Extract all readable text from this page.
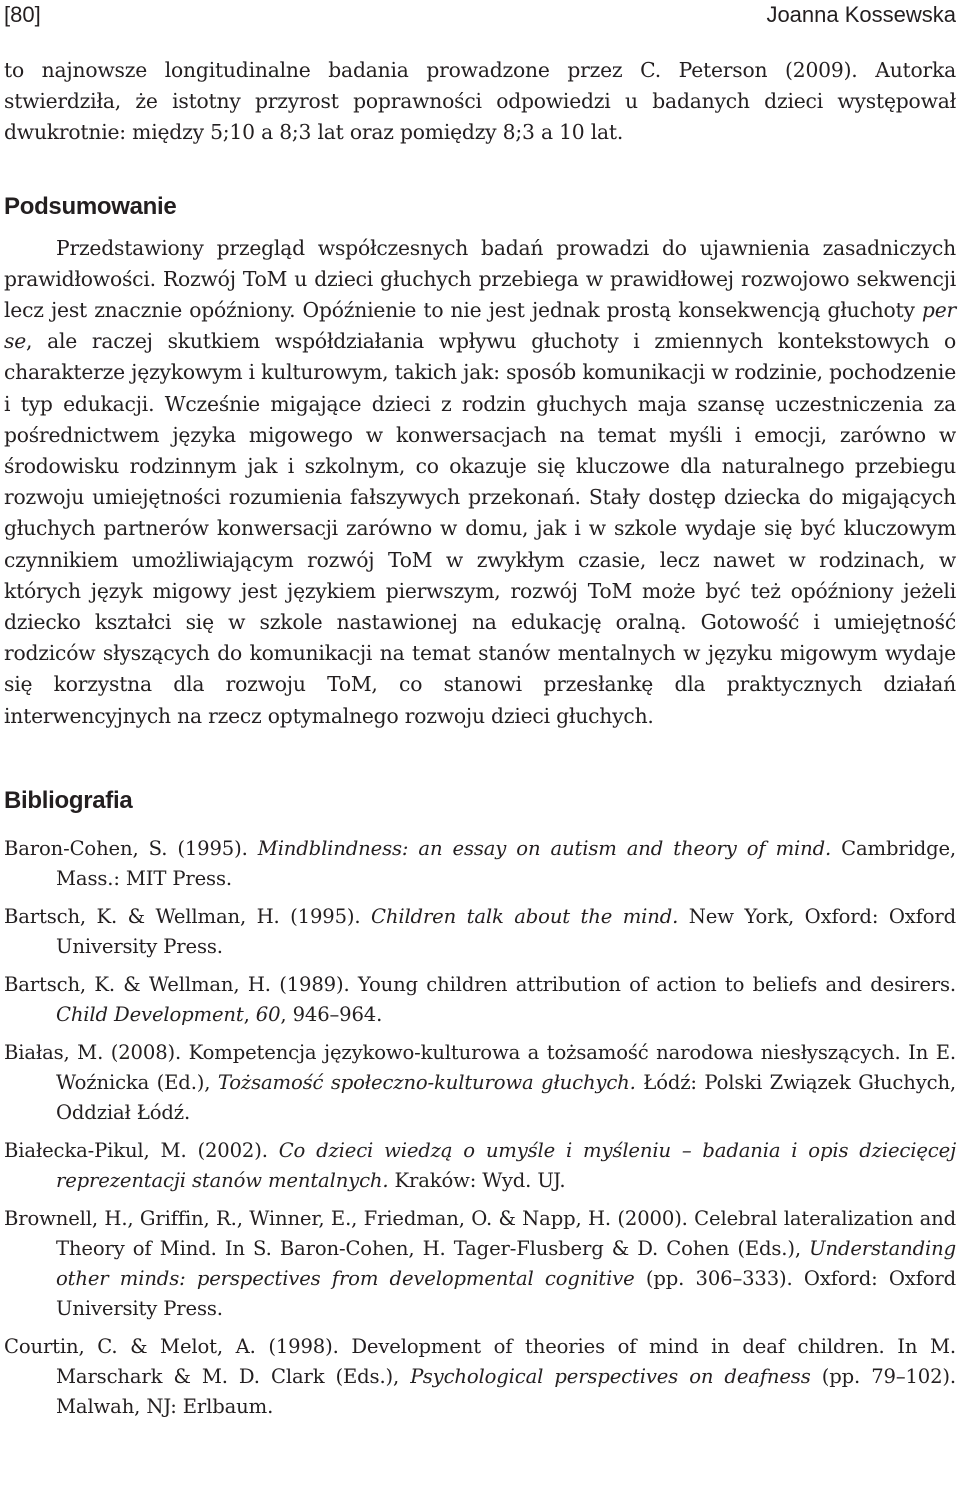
[80]	Joanna Kossewska

to najnowsze longitudinalne badania prowadzone przez C. Peterson (2009). Autorka stwierdziła, że istotny przyrost poprawności odpowiedzi u badanych dzieci występował dwukrotnie: między 5;10 a 8;3 lat oraz pomiędzy 8;3 a 10 lat.

Podsumowanie

Przedstawiony przegląd współczesnych badań prowadzi do ujawnienia zasadniczych prawidłowości. Rozwój ToM u dzieci głuchych przebiega w prawidłowej rozwojowo sekwencji lecz jest znacznie opóźniony. Opóźnienie to nie jest jednak prostą konsekwencją głuchoty per se, ale raczej skutkiem współdziałania wpływu głuchoty i zmiennych kontekstowych o charakterze językowym i kulturowym, takich jak: sposób komunikacji w rodzinie, pochodzenie i typ edukacji. Wcześnie migające dzieci z rodzin głuchych maja szansę uczestniczenia za pośrednictwem języka migowego w konwersacjach na temat myśli i emocji, zarówno w środowisku rodzinnym jak i szkolnym, co okazuje się kluczowe dla naturalnego przebiegu rozwoju umiejętności rozumienia fałszywych przekonań. Stały dostęp dziecka do migających głuchych partnerów konwersacji zarówno w domu, jak i w szkole wydaje się być kluczowym czynnikiem umożliwiającym rozwój ToM w zwykłym czasie, lecz nawet w rodzinach, w których język migowy jest językiem pierwszym, rozwój ToM może być też opóźniony jeżeli dziecko kształci się w szkole nastawionej na edukację oralną. Gotowość i umiejętność rodziców słyszących do komunikacji na temat stanów mentalnych w języku migowym wydaje się korzystna dla rozwoju ToM, co stanowi przesłankę dla praktycznych działań interwencyjnych na rzecz optymalnego rozwoju dzieci głuchych.

Bibliografia

Baron-Cohen, S. (1995). Mindblindness: an essay on autism and theory of mind. Cambridge, Mass.: MIT Press.

Bartsch, K. & Wellman, H. (1995). Children talk about the mind. New York, Oxford: Oxford University Press.

Bartsch, K. & Wellman, H. (1989). Young children attribution of action to beliefs and desirers. Child Development, 60, 946–964.

Białas, M. (2008). Kompetencja językowo-kulturowa a tożsamość narodowa niesłyszących. In E. Woźnicka (Ed.), Tożsamość społeczno-kulturowa głuchych. Łódź: Polski Związek Głuchych, Oddział Łódź.

Białecka-Pikul, M. (2002). Co dzieci wiedzą o umyśle i myśleniu – badania i opis dziecięcej reprezentacji stanów mentalnych. Kraków: Wyd. UJ.

Brownell, H., Griffin, R., Winner, E., Friedman, O. & Napp, H. (2000). Celebral lateralization and Theory of Mind. In S. Baron-Cohen, H. Tager-Flusberg & D. Cohen (Eds.), Understanding other minds: perspectives from developmental cognitive (pp. 306–333). Oxford: Oxford University Press.

Courtin, C. & Melot, A. (1998). Development of theories of mind in deaf children. In M. Marschark & M. D. Clark (Eds.), Psychological perspectives on deafness (pp. 79–102). Malwah, NJ: Erlbaum.
